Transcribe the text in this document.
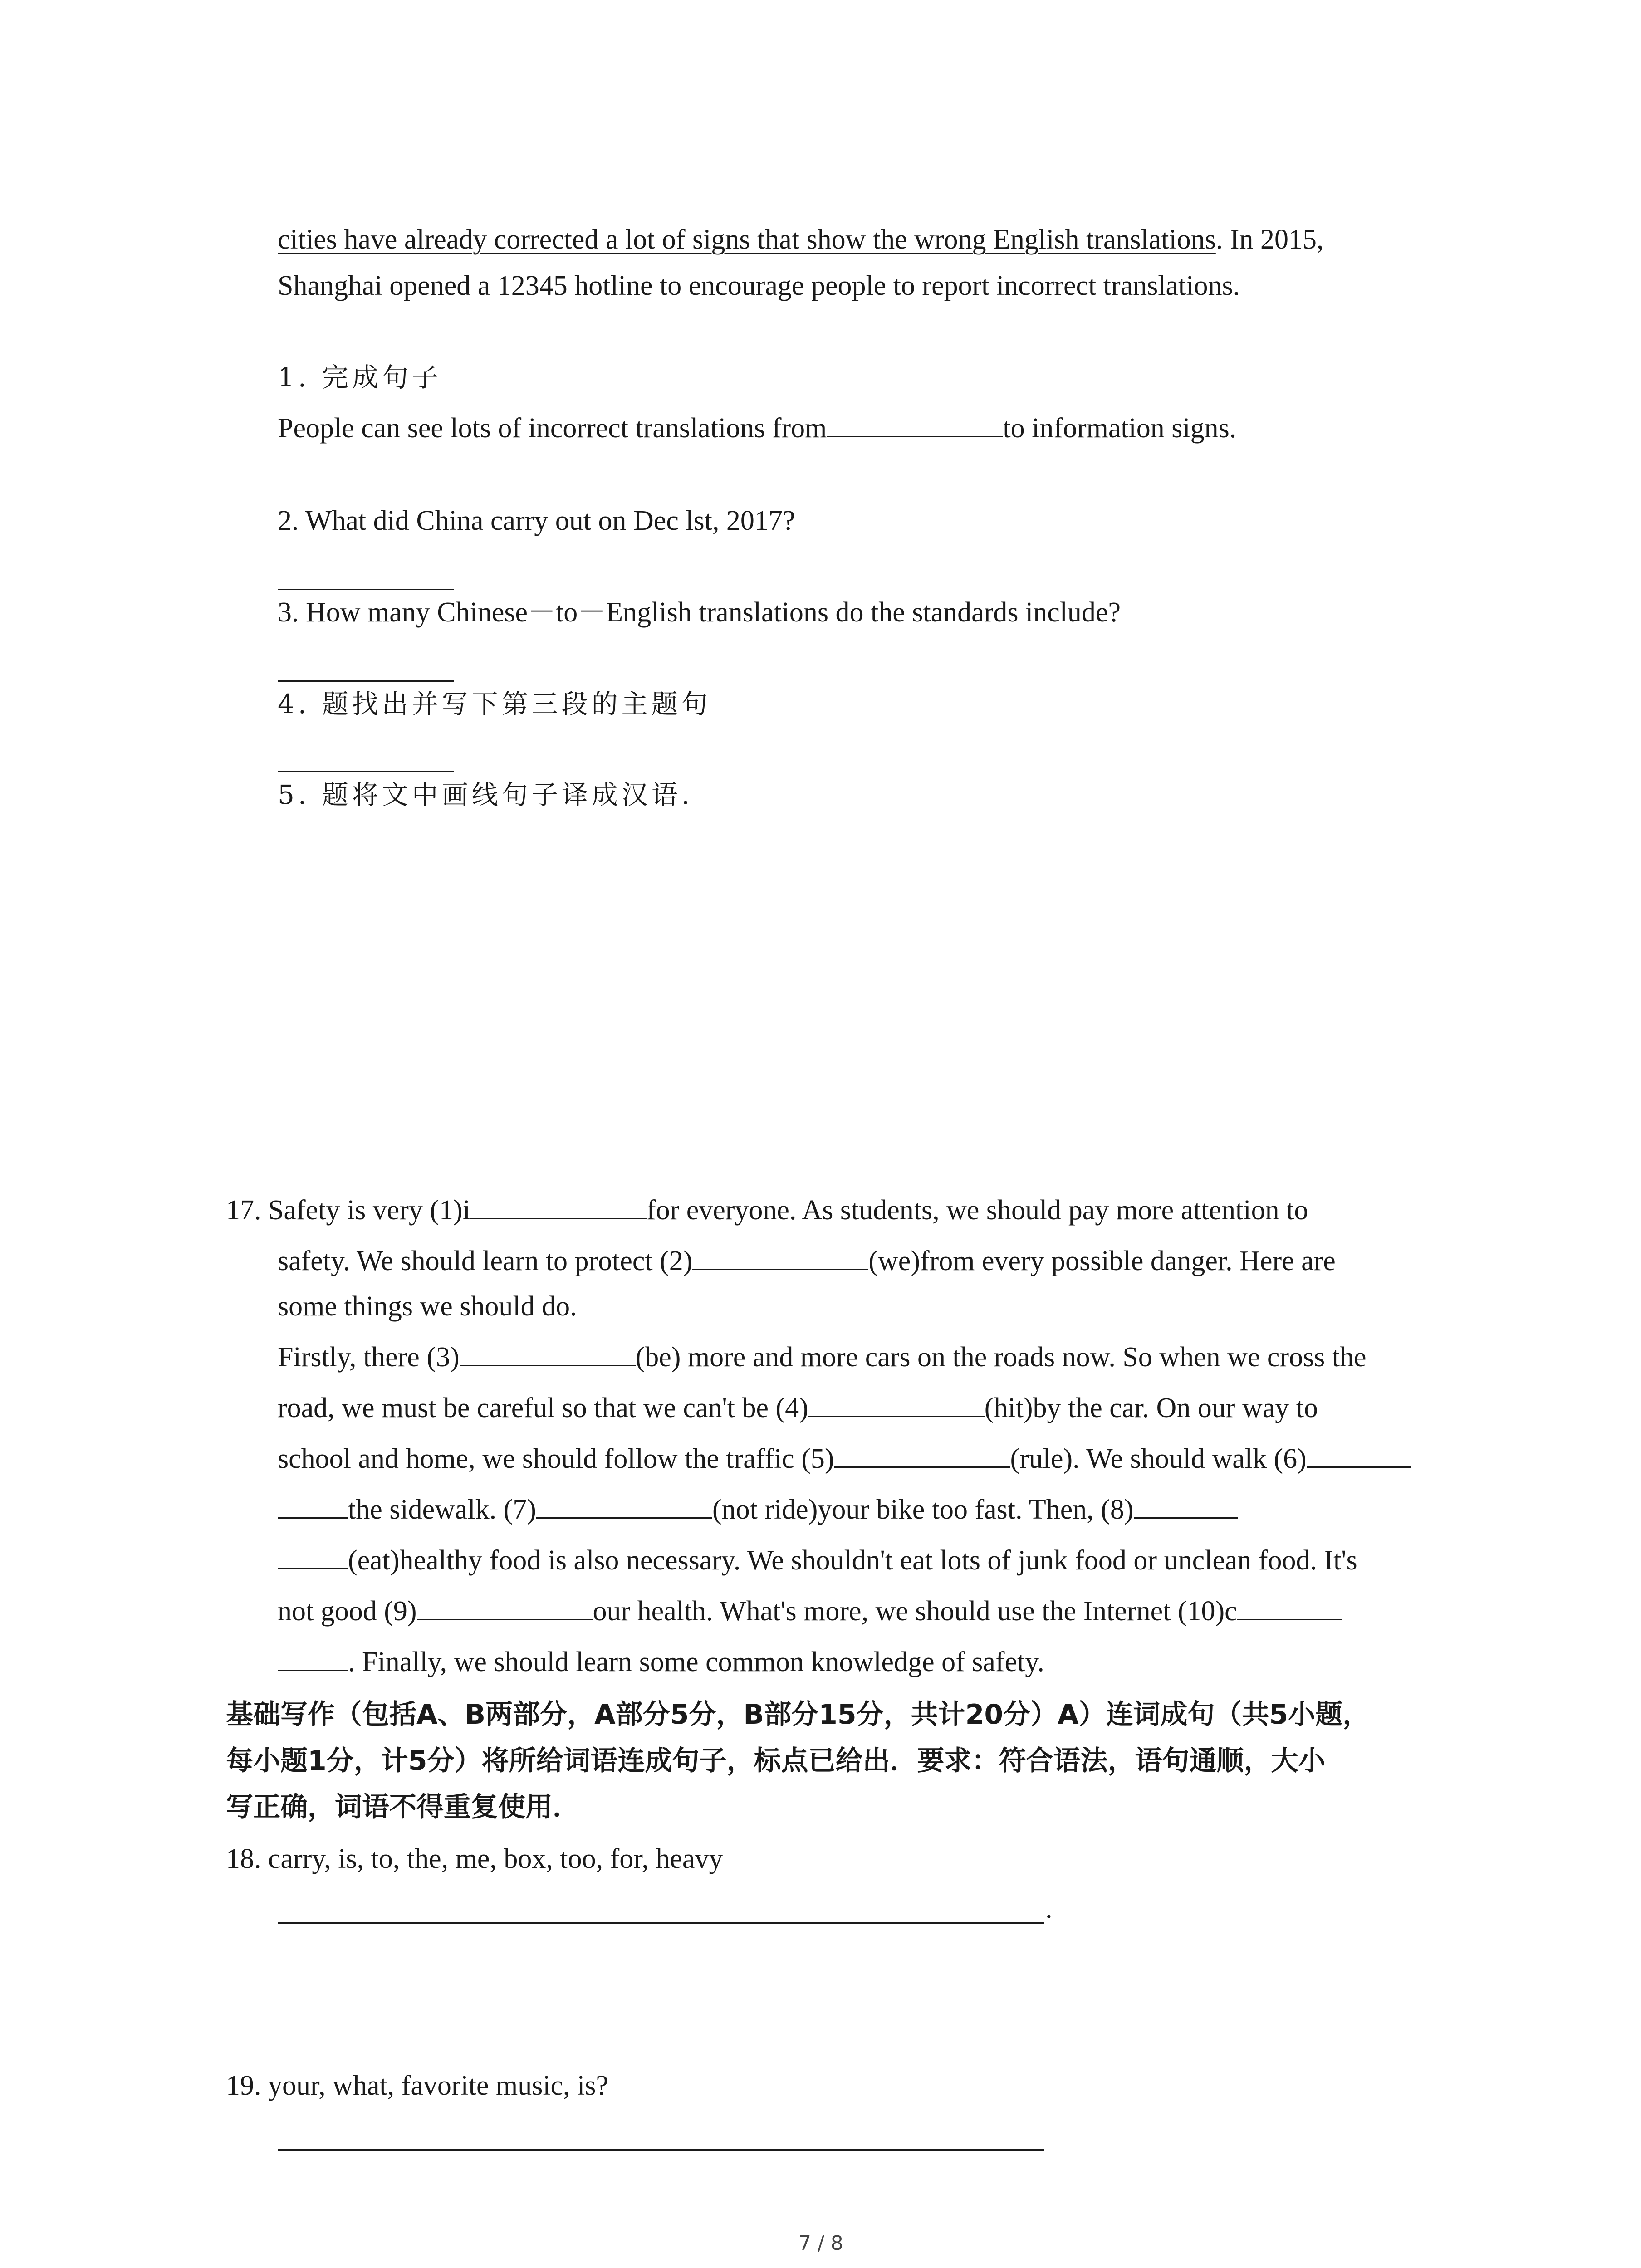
cities have already corrected a lot of signs that show the wrong English translations. In 2015,
Shanghai opened a 12345 hotline to encourage people to report incorrect translations.
1. 完成句子
People can see lots of incorrect translations from	to information signs.
2. What did China carry out on Dec lst, 2017?
3. How many Chinese－to－English translations do the standards include?
4. 题找出并写下第三段的主题句
5. 题将文中画线句子译成汉语.
17. Safety is very (1)i	for everyone. As students, we should pay more attention to
safety. We should learn to protect (2)	(we)from every possible danger. Here are
some things we should do.
Firstly, there (3)	(be) more and more cars on the roads now. So when we cross the
road, we must be careful so that we can't be (4)	(hit)by the car. On our way to
school and home, we should follow the traffic (5)	(rule). We should walk (6)
the sidewalk. (7)	(not ride)your bike too fast. Then, (8)
(eat)healthy food is also necessary. We shouldn't eat lots of junk food or unclean food. It's
not good (9)	our health. What's more, we should use the Internet (10)c
. Finally, we should learn some common knowledge of safety.
基础写作（包括A、B两部分，A部分5分，B部分15分，共计20分）A）连词成句（共5小题，
每小题1分，计5分）将所给词语连成句子，标点已给出．要求：符合语法，语句通顺，大小
写正确，词语不得重复使用．
18. carry, is, to, the, me, box, too, for, heavy
.
19. your, what, favorite music, is?
7 / 8
